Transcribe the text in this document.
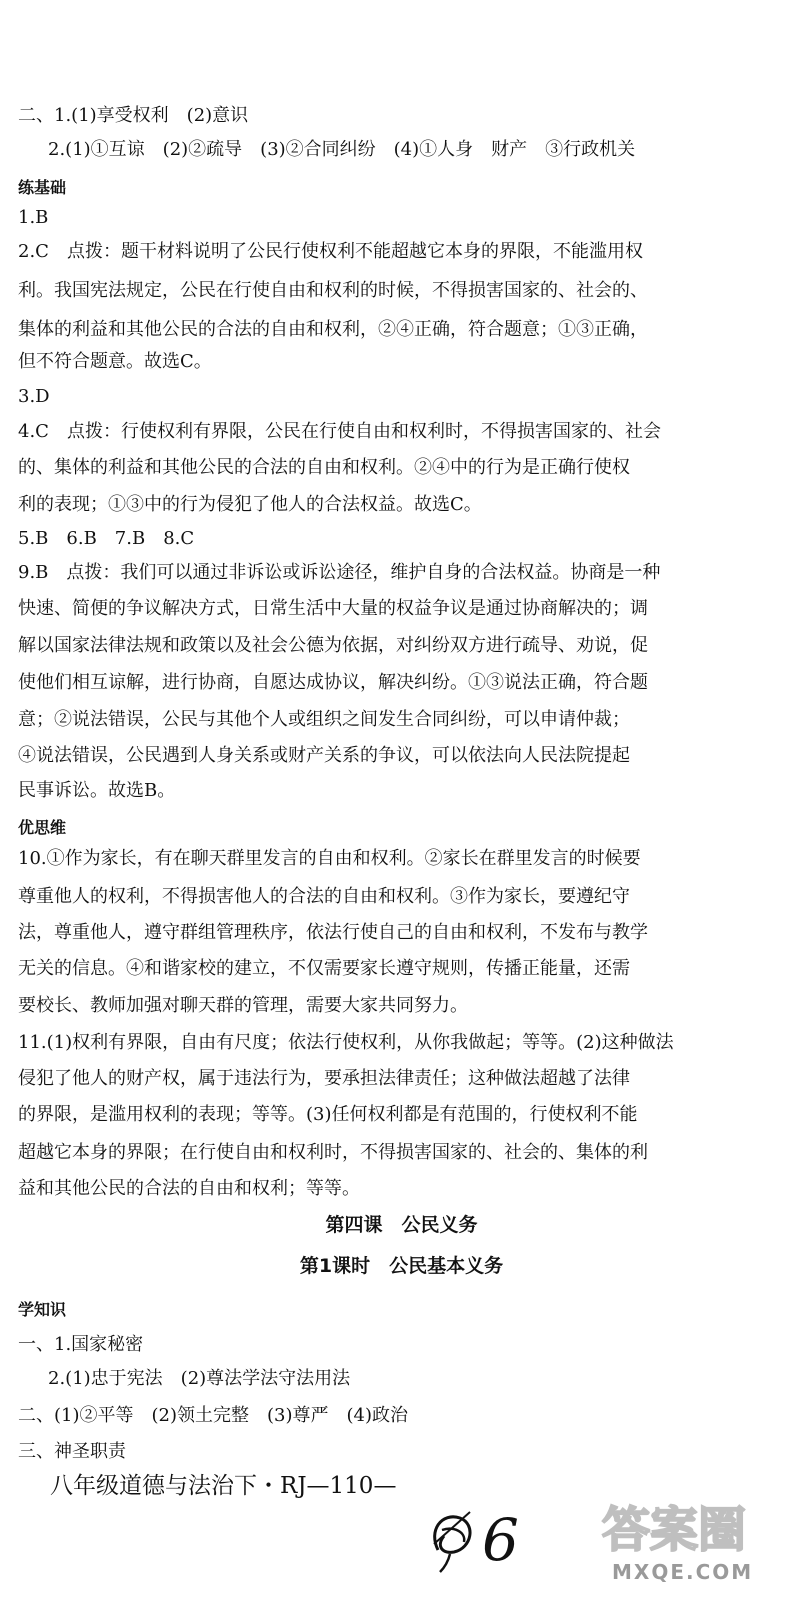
二、1.(1)享受权利　(2)意识
2.(1)①互谅　(2)②疏导　(3)②合同纠纷　(4)①人身　财产　③行政机关
练基础
1.B
2.C　点拨：题干材料说明了公民行使权利不能超越它本身的界限，不能滥用权
利。我国宪法规定，公民在行使自由和权利的时候，不得损害国家的、社会的、
集体的利益和其他公民的合法的自由和权利，②④正确，符合题意；①③正确，
但不符合题意。故选C。
3.D
4.C　点拨：行使权利有界限，公民在行使自由和权利时，不得损害国家的、社会
的、集体的利益和其他公民的合法的自由和权利。②④中的行为是正确行使权
利的表现；①③中的行为侵犯了他人的合法权益。故选C。
5.B　6.B　7.B　8.C
9.B　点拨：我们可以通过非诉讼或诉讼途径，维护自身的合法权益。协商是一种
快速、简便的争议解决方式，日常生活中大量的权益争议是通过协商解决的；调
解以国家法律法规和政策以及社会公德为依据，对纠纷双方进行疏导、劝说，促
使他们相互谅解，进行协商，自愿达成协议，解决纠纷。①③说法正确，符合题
意；②说法错误，公民与其他个人或组织之间发生合同纠纷，可以申请仲裁；
④说法错误，公民遇到人身关系或财产关系的争议，可以依法向人民法院提起
民事诉讼。故选B。
优思维
10.①作为家长，有在聊天群里发言的自由和权利。②家长在群里发言的时候要
尊重他人的权利，不得损害他人的合法的自由和权利。③作为家长，要遵纪守
法，尊重他人，遵守群组管理秩序，依法行使自己的自由和权利，不发布与教学
无关的信息。④和谐家校的建立，不仅需要家长遵守规则，传播正能量，还需
要校长、教师加强对聊天群的管理，需要大家共同努力。
11.(1)权利有界限，自由有尺度；依法行使权利，从你我做起；等等。(2)这种做法
侵犯了他人的财产权，属于违法行为，要承担法律责任；这种做法超越了法律
的界限，是滥用权利的表现；等等。(3)任何权利都是有范围的，行使权利不能
超越它本身的界限；在行使自由和权利时，不得损害国家的、社会的、集体的利
益和其他公民的合法的自由和权利；等等。
第四课　公民义务
第1课时　公民基本义务
学知识
一、1.国家秘密
2.(1)忠于宪法　(2)尊法学法守法用法
二、(1)②平等　(2)领土完整　(3)尊严　(4)政治
三、神圣职责
八年级道德与法治下・RJ—110—
6 答案圈
MXQE.COM
